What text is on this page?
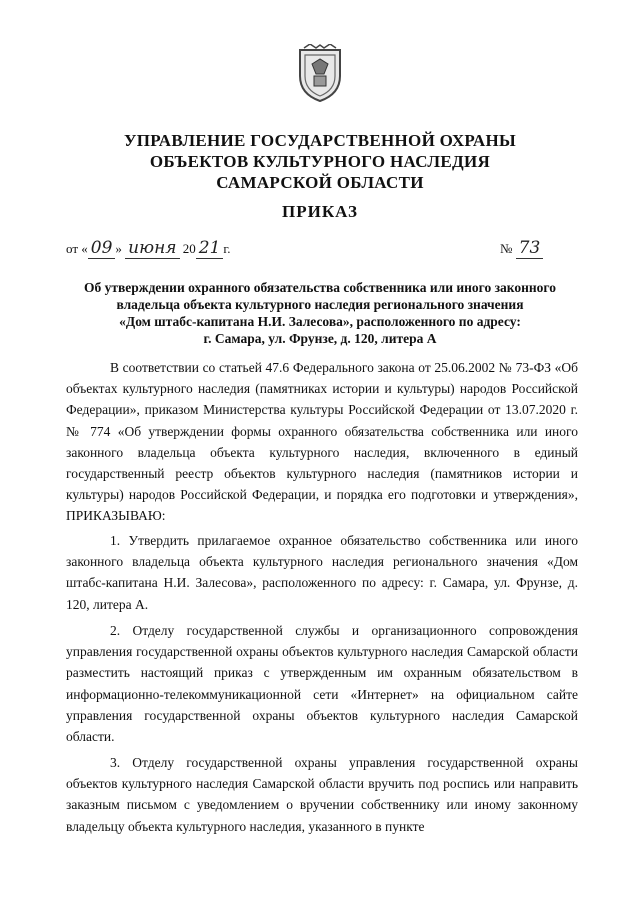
УПРАВЛЕНИЕ ГОСУДАРСТВЕННОЙ ОХРАНЫ
ОБЪЕКТОВ КУЛЬТУРНОГО НАСЛЕДИЯ
САМАРСКОЙ ОБЛАСТИ
ПРИКАЗ
от « 09 » июня 20 21 г.	№ 73
Об утверждении охранного обязательства собственника или иного законного
владельца объекта культурного наследия регионального значения
«Дом штабс-капитана Н.И. Залесова», расположенного по адресу:
г. Самара, ул. Фрунзе, д. 120, литера А

В соответствии со статьей 47.6 Федерального закона от 25.06.2002 № 73-ФЗ «Об объектах культурного наследия (памятниках истории и культуры) народов Российской Федерации», приказом Министерства культуры Российской Федерации от 13.07.2020 г. № 774 «Об утверждении формы охранного обязательства собственника или иного законного владельца объекта культурного наследия, включенного в единый государственный реестр объектов культурного наследия (памятников истории и культуры) народов Российской Федерации, и порядка его подготовки и утверждения», ПРИКАЗЫВАЮ:

1. Утвердить прилагаемое охранное обязательство собственника или иного законного владельца объекта культурного наследия регионального значения «Дом штабс-капитана Н.И. Залесова», расположенного по адресу: г. Самара, ул. Фрунзе, д. 120, литера А.

2. Отделу государственной службы и организационного сопровождения управления государственной охраны объектов культурного наследия Самарской области разместить настоящий приказ с утвержденным им охранным обязательством в информационно-телекоммуникационной сети «Интернет» на официальном сайте управления государственной охраны объектов культурного наследия Самарской области.

3. Отделу государственной охраны управления государственной охраны объектов культурного наследия Самарской области вручить под роспись или направить заказным письмом с уведомлением о вручении собственнику или иному законному владельцу объекта культурного наследия, указанного в пункте
